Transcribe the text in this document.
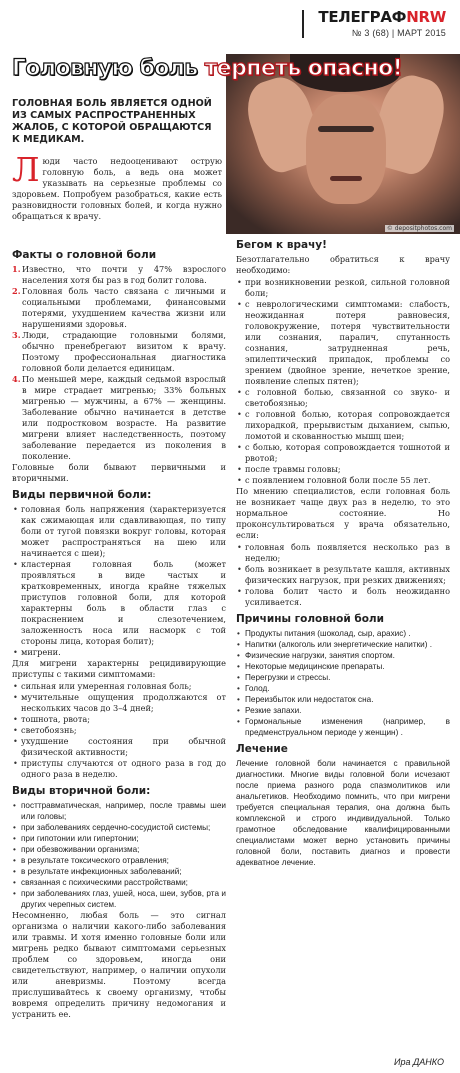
ТЕЛЕГРАФNRW
№ 3 (68) | МАРТ 2015
© depositphotos.com
Головную боль терпеть опасно!
ГОЛОВНАЯ БОЛЬ ЯВЛЯЕТСЯ ОДНОЙ ИЗ САМЫХ РАСПРОСТРАНЕННЫХ ЖАЛОБ, С КОТОРОЙ ОБРАЩАЮТСЯ К МЕДИКАМ.
Люди часто недооценивают острую головную боль, а ведь она может указывать на серьезные проблемы со здоровьем. Попробуем разобраться, какие есть разновидности головных болей, и когда нужно обращаться к врачу.
Факты о головной боли
1. Известно, что почти у 47% взрослого населения хотя бы раз в год болит голова.
2. Головная боль часто связана с личными и социальными проблемами, финансовыми потерями, ухудшением качества жизни или нарушениями здоровья.
3. Люди, страдающие головными болями, обычно пренебрегают визитом к врачу. Поэтому профессиональная диагностика головной боли делается единицам.
4. По меньшей мере, каждый седьмой взрослый в мире страдает мигренью; 33% больных мигренью — мужчины, а 67% — женщины. Заболевание обычно начинается в детстве или подростковом возрасте. На развитие мигрени влияет наследственность, поэтому заболевание передается из поколения в поколение.

Головные боли бывают первичными и вторичными.

Виды первичной боли:
• головная боль напряжения (характеризуется как сжимающая или сдавливающая, по типу боли от тугой повязки вокруг головы, которая может распространяться на шею или начинается с шеи);
• кластерная головная боль (может проявляться в виде частых и кратковременных, иногда крайне тяжелых приступов головной боли, для которой характерны боль в области глаз с покраснением и слезотечением, заложенность носа или насморк с той стороны лица, которая болит);
• мигрени.

Для мигрени характерны рецидивирующие приступы с такими симптомами:

• сильная или умеренная головная боль;
• мучительные ощущения продолжаются от нескольких часов до 3–4 дней;
• тошнота, рвота;
• светобоязнь;
• ухудшение состояния при обычной физической активности;
• приступы случаются от одного раза в год до одного раза в неделю.
Виды вторичной боли:
• посттравматическая, например, после травмы шеи или головы;
• при заболеваниях сердечно-сосудистой системы;
• при гипотонии или гипертонии;
• при обезвоживании организма;
• в результате токсического отравления;
• в результате инфекционных заболеваний;
• связанная с психическими расстройствами;
• при заболеваниях глаз, ушей, носа, шеи, зубов, рта и других черепных систем.

Несомненно, любая боль — это сигнал организма о наличии какого-либо заболевания или травмы. И хотя именно головные боли или мигрень редко бывают симптомами серьезных проблем со здоровьем, иногда они свидетельствуют, например, о наличии опухоли или аневризмы. Поэтому всегда прислушивайтесь к своему организму, чтобы вовремя определить причину недомогания и устранить ее.

Бегом к врачу!

Безотлагательно обратиться к врачу необходимо:

• при возникновении резкой, сильной головной боли;
• с неврологическими симптомами: слабость, неожиданная потеря равновесия, головокружение, потеря чувствительности или сознания, паралич, спутанность сознания, затрудненная речь, эпилептический припадок, проблемы со зрением (двойное зрение, нечеткое зрение, появление слепых пятен);
• с головной болью, связанной со звуко- и светобоязнью;
• с головной болью, которая сопровождается лихорадкой, прерывистым дыханием, сыпью, ломотой и скованностью мышц шеи;
• с болью, которая сопровождается тошнотой и рвотой;
• после травмы головы;
• с появлением головной боли после 55 лет.

По мнению специалистов, если головная боль не возникает чаще двух раз в неделю, то это нормальное состояние. Но проконсультироваться у врача обязательно, если:

• головная боль появляется несколько раз в неделю;
• боль возникает в результате кашля, активных физических нагрузок, при резких движениях;
• голова болит часто и боль неожиданно усиливается.
Причины головной боли
• Продукты питания (шоколад, сыр, арахис) .
• Напитки (алкоголь или энергетические напитки) .
• Физические нагрузки, занятия спортом.
• Некоторые медицинские препараты.
• Перегрузки и стрессы.
• Голод.
• Переизбыток или недостаток сна.
• Резкие запахи.
• Гормональные изменения (например, в предменструальном периоде у женщин) .
Лечение

Лечение головной боли начинается с правильной диагностики. Многие виды головной боли исчезают после приема разного рода спазмолитиков или анальгетиков. Необходимо помнить, что при мигрени требуется специальная терапия, она должна быть комплексной и строго индивидуальной. Только грамотное обследование квалифицированными специалистами может верно установить причины головной боли, поставить диагноз и провести адекватное лечение.

Ира ДАНКО
